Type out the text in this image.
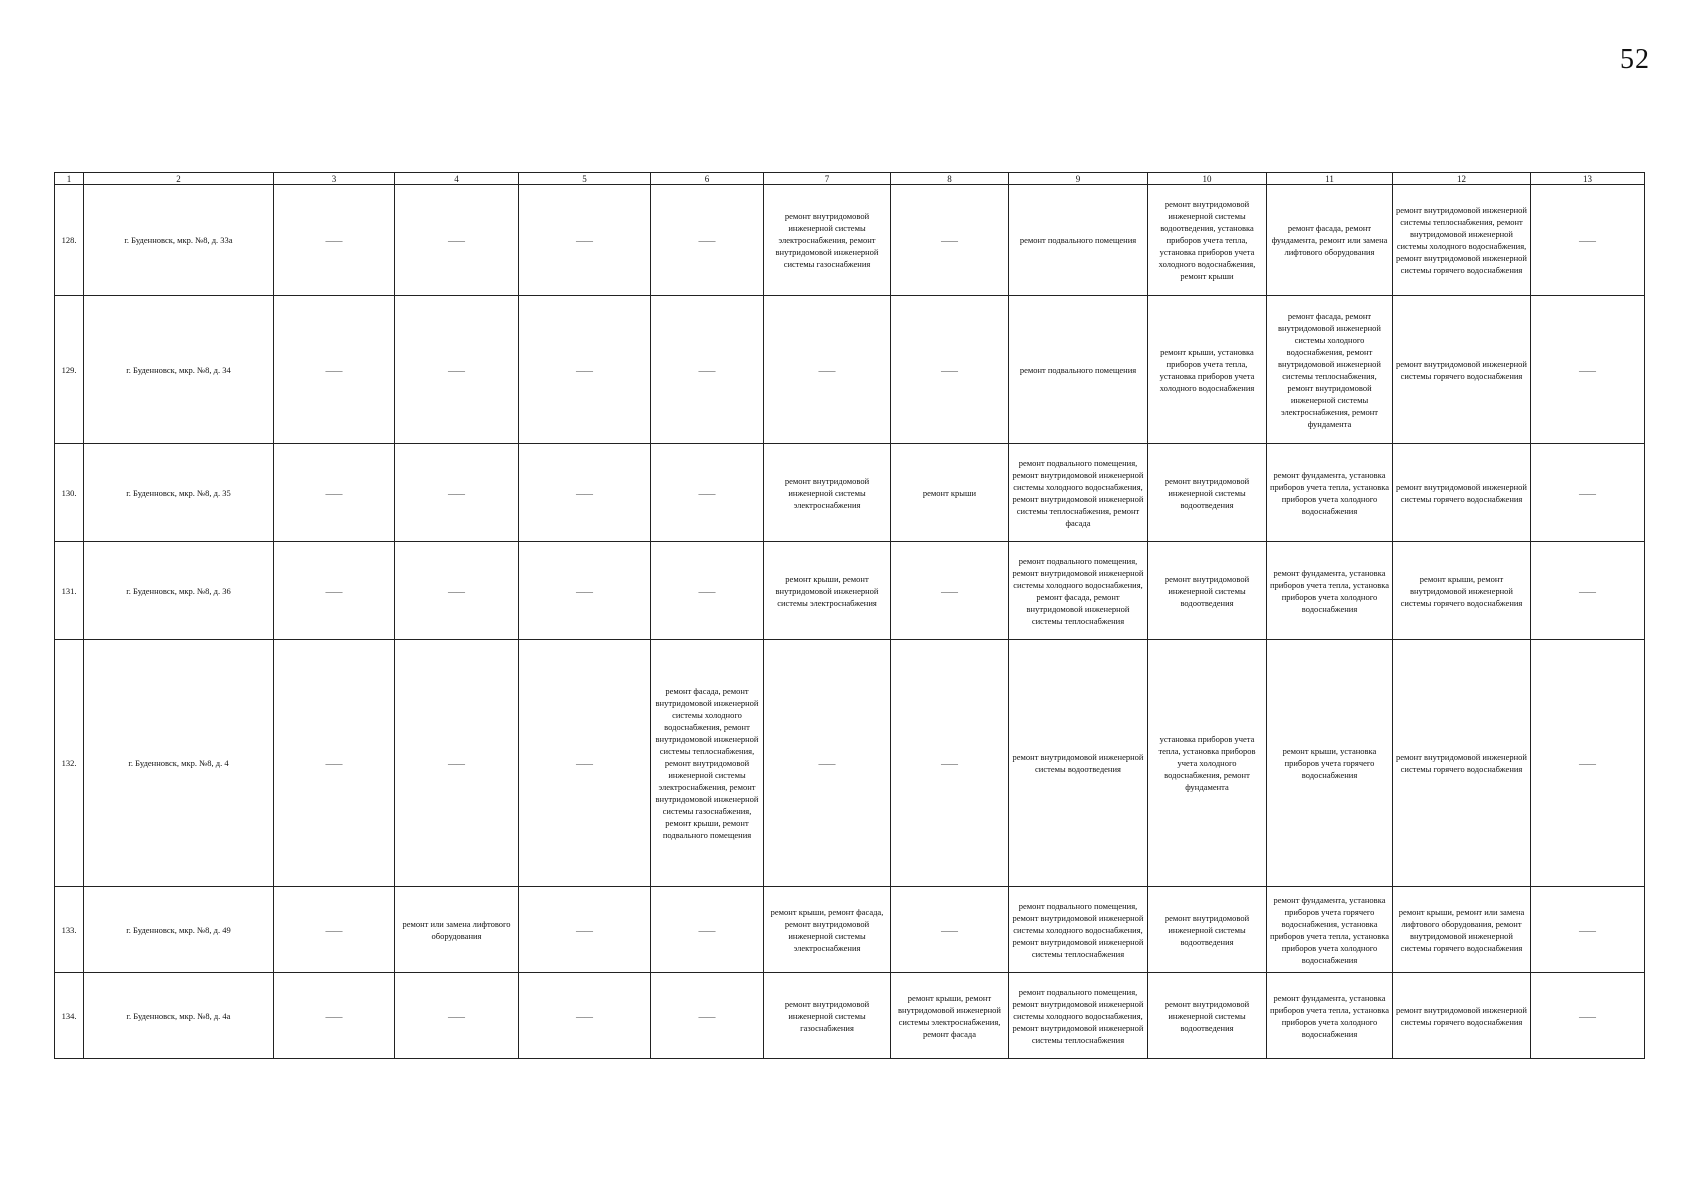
52
1	2	3	4	5	6	7	8	9	10	11	12	13
128.	г. Буденновск, мкр. №8, д. 33а	——	——	——	——	ремонт внутридомовой инженерной системы электроснабжения, ремонт внутридомовой инженерной системы газоснабжения	——	ремонт подвального помещения	ремонт внутридомовой инженерной системы водоотведения, установка приборов учета тепла, установка приборов учета холодного водоснабжения, ремонт крыши	ремонт фасада, ремонт фундамента, ремонт или замена лифтового оборудования	ремонт внутридомовой инженерной системы теплоснабжения, ремонт внутридомовой инженерной системы холодного водоснабжения, ремонт внутридомовой инженерной системы горячего водоснабжения	——
129.	г. Буденновск, мкр. №8, д. 34	——	——	——	——	——	——	ремонт подвального помещения	ремонт крыши, установка приборов учета тепла, установка приборов учета холодного водоснабжения	ремонт фасада, ремонт внутридомовой инженерной системы холодного водоснабжения, ремонт внутридомовой инженерной системы теплоснабжения, ремонт внутридомовой инженерной системы электроснабжения, ремонт фундамента	ремонт внутридомовой инженерной системы горячего водоснабжения	——
130.	г. Буденновск, мкр. №8, д. 35	——	——	——	——	ремонт внутридомовой инженерной системы электроснабжения	ремонт крыши	ремонт подвального помещения, ремонт внутридомовой инженерной системы холодного водоснабжения, ремонт внутридомовой инженерной системы теплоснабжения, ремонт фасада	ремонт внутридомовой инженерной системы водоотведения	ремонт фундамента, установка приборов учета тепла, установка приборов учета холодного водоснабжения	ремонт внутридомовой инженерной системы горячего водоснабжения	——
131.	г. Буденновск, мкр. №8, д. 36	——	——	——	——	ремонт крыши, ремонт внутридомовой инженерной системы электроснабжения	——	ремонт подвального помещения, ремонт внутридомовой инженерной системы холодного водоснабжения, ремонт фасада, ремонт внутридомовой инженерной системы теплоснабжения	ремонт внутридомовой инженерной системы водоотведения	ремонт фундамента, установка приборов учета тепла, установка приборов учета холодного водоснабжения	ремонт крыши, ремонт внутридомовой инженерной системы горячего водоснабжения	——
132.	г. Буденновск, мкр. №8, д. 4	——	——	——	ремонт фасада, ремонт внутридомовой инженерной системы холодного водоснабжения, ремонт внутридомовой инженерной системы теплоснабжения, ремонт внутридомовой инженерной системы электроснабжения, ремонт внутридомовой инженерной системы газоснабжения, ремонт крыши, ремонт подвального помещения	——	——	ремонт внутридомовой инженерной системы водоотведения	установка приборов учета тепла, установка приборов учета холодного водоснабжения, ремонт фундамента	ремонт крыши, установка приборов учета горячего водоснабжения	ремонт внутридомовой инженерной системы горячего водоснабжения	——
133.	г. Буденновск, мкр. №8, д. 49	——	ремонт или замена лифтового оборудования	——	——	ремонт крыши, ремонт фасада, ремонт внутридомовой инженерной системы электроснабжения	——	ремонт подвального помещения, ремонт внутридомовой инженерной системы холодного водоснабжения, ремонт внутридомовой инженерной системы теплоснабжения	ремонт внутридомовой инженерной системы водоотведения	ремонт фундамента, установка приборов учета горячего водоснабжения, установка приборов учета тепла, установка приборов учета холодного водоснабжения	ремонт крыши, ремонт или замена лифтового оборудования, ремонт внутридомовой инженерной системы горячего водоснабжения	——
134.	г. Буденновск, мкр. №8, д. 4а	——	——	——	——	ремонт внутридомовой инженерной системы газоснабжения	ремонт крыши, ремонт внутридомовой инженерной системы электроснабжения, ремонт фасада	ремонт подвального помещения, ремонт внутридомовой инженерной системы холодного водоснабжения, ремонт внутридомовой инженерной системы теплоснабжения	ремонт внутридомовой инженерной системы водоотведения	ремонт фундамента, установка приборов учета тепла, установка приборов учета холодного водоснабжения	ремонт внутридомовой инженерной системы горячего водоснабжения	——
